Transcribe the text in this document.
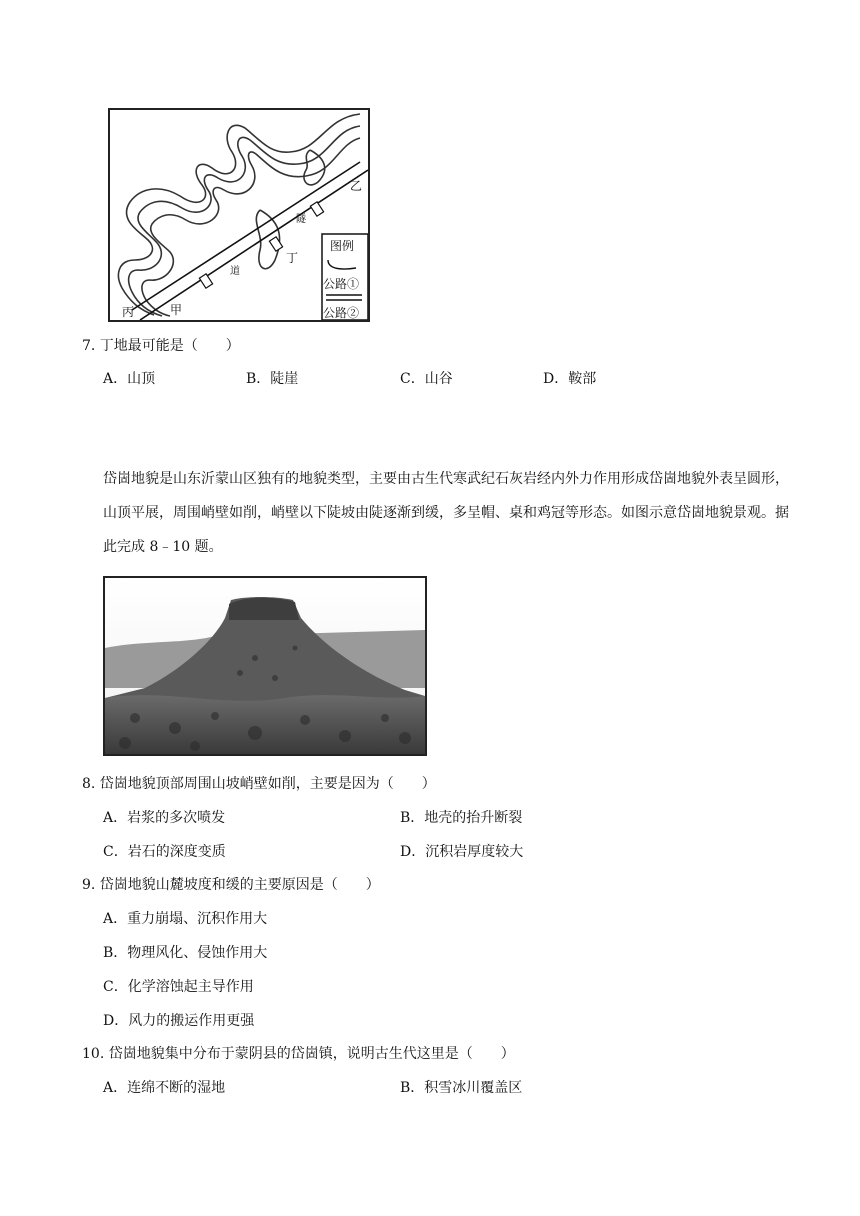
图例
公路①
公路②
丙	甲
乙
丁
隧
道
7. 丁地最可能是（　　）
A．山顶	B．陡崖	C．山谷	D．鞍部
岱崮地貌是山东沂蒙山区独有的地貌类型，主要由古生代寒武纪石灰岩经内外力作用形成岱崮地貌外表呈圆形，山顶平展，周围峭壁如削，峭壁以下陡坡由陡逐渐到缓，多呈帽、桌和鸡冠等形态。如图示意岱崮地貌景观。据此完成 8﹣10 题。
8. 岱崮地貌顶部周围山坡峭壁如削，主要是因为（　　）
A．岩浆的多次喷发	B．地壳的抬升断裂
C．岩石的深度变质	D．沉积岩厚度较大
9. 岱崮地貌山麓坡度和缓的主要原因是（　　）
A．重力崩塌、沉积作用大
B．物理风化、侵蚀作用大
C．化学溶蚀起主导作用
D．风力的搬运作用更强
10. 岱崮地貌集中分布于蒙阴县的岱崮镇，说明古生代这里是（　　）
A．连绵不断的湿地	B．积雪冰川覆盖区
